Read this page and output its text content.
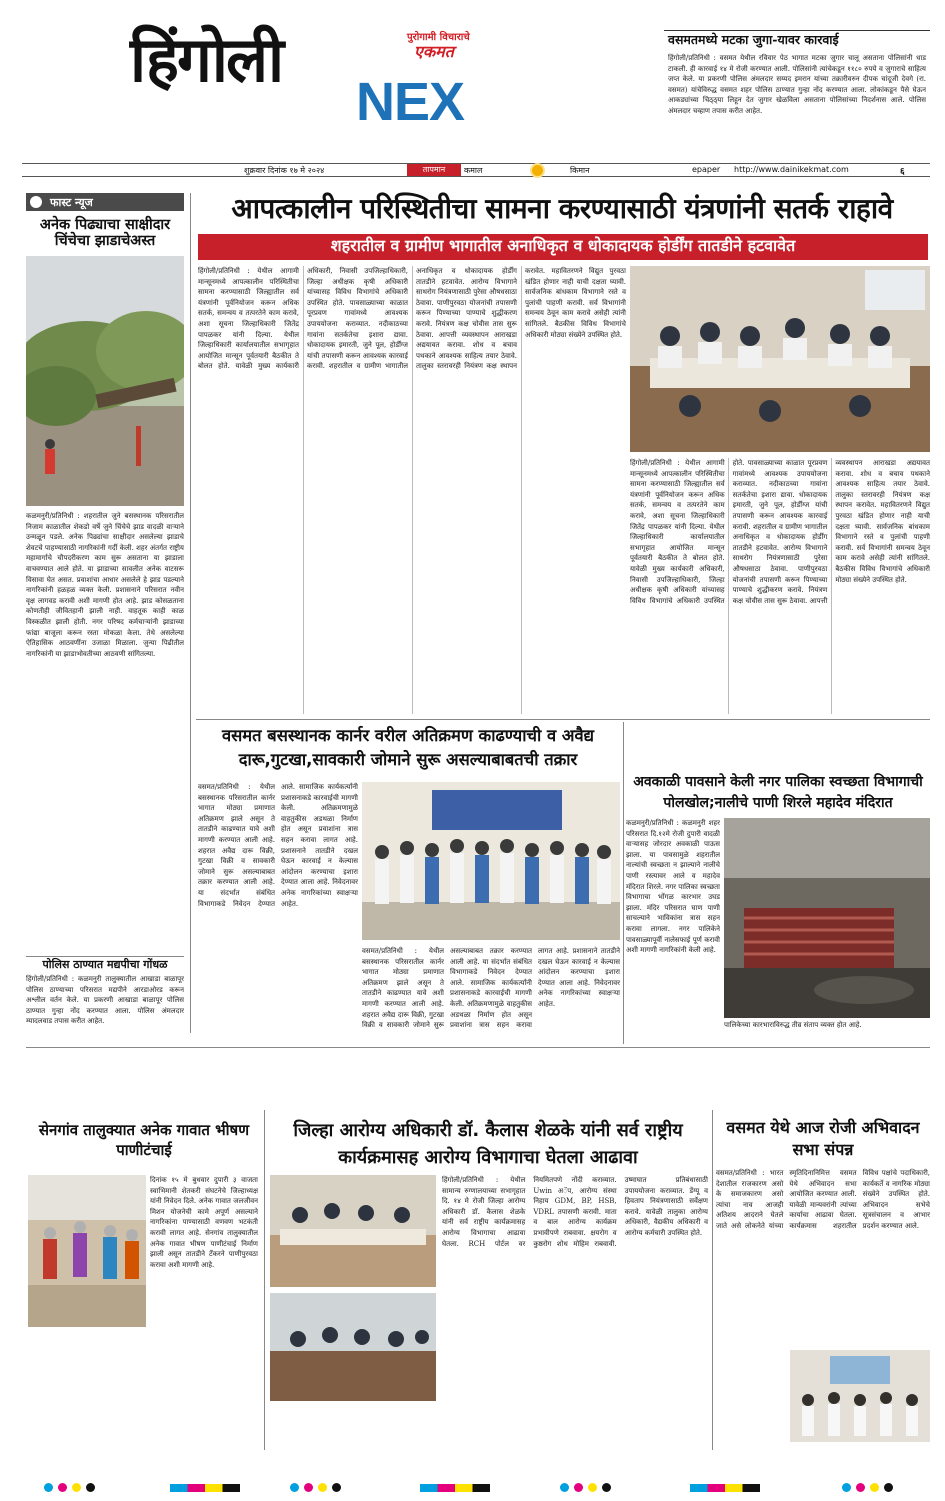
हिंगोली	पुरोगामी विचाराचे
एकमत
NEX
वसमतमध्ये मटका जुगा-यावर कारवाई
हिंगोली/प्रतिनिधी : वसमत येथील रविवार पेठ भागात मटका जुगार चालू असताना पोलिसांनी धाड टाकली. ही कारवाई १४ मे रोजी करण्यात आली. पोलिसांनी त्यांचेकडून ११८० रुपये व जुगाराचे साहित्य जप्त केले. या प्रकरणी पोलिस अंमलदार सय्यद इमरान यांच्या तक्रारीवरुन दीपक चांदूजी देवगे (रा. वसमत) यांचेविरुद्ध वसमत शहर पोलिस ठाण्यात गुन्हा नोंद करण्यात आला. लोकांकडून पैसे घेऊन आकड्यांच्या चिठ्ठ्या लिहून देत जुगार खेळविला असताना पोलिसांच्या निदर्शनास आले. पोलिस अंमलदार चव्हाण तपास करीत आहेत.
शुक्रवार दिनांक १७ मे २०२४	तापमान	कमाल	किमान	epaper http://www.dainikekmat.com	६
फास्ट न्यूज
अनेक पिढ्याचा साक्षीदार चिंचेचा झाडाचेअस्त
कळमनुरी/प्रतिनिधी : शहरातील जुने बसस्थानक परिसरातील निजाम काळातील शेकडो वर्षे जुने चिंचेचे झाड वादळी वाऱ्याने उन्मळून पडले. अनेक पिढ्यांचा साक्षीदार असलेल्या झाडाचे शेवटचे पाहण्यासाठी नागरिकांनी गर्दी केली. शहर अंतर्गत राष्ट्रीय महामार्गाचे चौपदरीकरण काम सुरू असताना या झाडाला वाचवण्यात आले होते. या झाडाच्या सावलीत अनेक वाटसरू विसावा घेत असत. प्रवाशांचा आधार असलेले हे झाड पडल्याने नागरिकांनी हळहळ व्यक्त केली. प्रशासनाने परिसरात नवीन वृक्ष लागवड करावी अशी मागणी होत आहे. झाड कोसळताना कोणतीही जीवितहानी झाली नाही. वाहतूक काही काळ विस्कळीत झाली होती. नगर परिषद कर्मचाऱ्यांनी झाडाच्या फांद्या बाजूला करून रस्ता मोकळा केला. तेथे असलेल्या ऐतिहासिक आठवणींना उजाळा मिळाला. जुन्या पिढीतील नागरिकांनी या झाडाभोवतीच्या आठवणी सांगितल्या.
पोलिस ठाण्यात मद्यपीचा गोंधळ
हिंगोली/प्रतिनिधी : कळमनुरी तालुक्यातील आखाडा बाळापूर पोलिस ठाण्याच्या परिसरात मद्यपीने आरडाओरड करून अश्लील वर्तन केले. या प्रकरणी आखाडा बाळापूर पोलिस ठाण्यात गुन्हा नोंद करण्यात आला. पोलिस अंमलदार म्यादलवाड तपास करीत आहेत.
आपत्कालीन परिस्थितीचा सामना करण्यासाठी यंत्रणांनी सतर्क राहावे
शहरातील व ग्रामीण भागातील अनाधिकृत व धोकादायक होर्डींग तातडीने हटवावेत
हिंगोली/प्रतिनिधी : येथील आगामी मान्सूनमध्ये आपत्कालीन परिस्थितीचा सामना करण्यासाठी जिल्ह्यातील सर्व यंत्रणांनी पूर्वनियोजन करून अधिक सतर्क, समन्वय व तत्परतेने काम करावे, अशा सूचना जिल्हाधिकारी जितेंद्र पापळकर यांनी दिल्या. येथील जिल्हाधिकारी कार्यालयातील सभागृहात आयोजित मान्सून पूर्वतयारी बैठकीत ते बोलत होते. यावेळी मुख्य कार्यकारी अधिकारी, निवासी उपजिल्हाधिकारी, जिल्हा अधीक्षक कृषी अधिकारी यांच्यासह विविध विभागांचे अधिकारी उपस्थित होते. पावसाळ्याच्या काळात पूरप्रवण गावांमध्ये आवश्यक उपाययोजना कराव्यात. नदीकाठच्या गावांना सतर्कतेचा इशारा द्यावा. धोकादायक इमारती, जुने पूल, होर्डींग्ज यांची तपासणी करून आवश्यक कारवाई करावी. शहरातील व ग्रामीण भागातील अनाधिकृत व धोकादायक होर्डींग तातडीने हटवावेत. आरोग्य विभागाने साथरोग नियंत्रणासाठी पुरेसा औषधसाठा ठेवावा. पाणीपुरवठा योजनांची तपासणी करून पिण्याच्या पाण्याचे शुद्धीकरण करावे. नियंत्रण कक्ष चोवीस तास सुरू ठेवावा. आपत्ती व्यवस्थापन आराखडा अद्ययावत करावा. शोध व बचाव पथकाने आवश्यक साहित्य तयार ठेवावे. तालुका स्तरावरही नियंत्रण कक्ष स्थापन करावेत. महावितरणने विद्युत पुरवठा खंडित होणार नाही याची दक्षता घ्यावी. सार्वजनिक बांधकाम विभागाने रस्ते व पुलांची पाहणी करावी. सर्व विभागांनी समन्वय ठेवून काम करावे असेही त्यांनी सांगितले. बैठकीस विविध विभागांचे अधिकारी मोठ्या संख्येने उपस्थित होते.
हिंगोली/प्रतिनिधी : येथील आगामी मान्सूनमध्ये आपत्कालीन परिस्थितीचा सामना करण्यासाठी जिल्ह्यातील सर्व यंत्रणांनी पूर्वनियोजन करून अधिक सतर्क, समन्वय व तत्परतेने काम करावे, अशा सूचना जिल्हाधिकारी जितेंद्र पापळकर यांनी दिल्या. येथील जिल्हाधिकारी कार्यालयातील सभागृहात आयोजित मान्सून पूर्वतयारी बैठकीत ते बोलत होते. यावेळी मुख्य कार्यकारी अधिकारी, निवासी उपजिल्हाधिकारी, जिल्हा अधीक्षक कृषी अधिकारी यांच्यासह विविध विभागांचे अधिकारी उपस्थित होते. पावसाळ्याच्या काळात पूरप्रवण गावांमध्ये आवश्यक उपाययोजना कराव्यात. नदीकाठच्या गावांना सतर्कतेचा इशारा द्यावा. धोकादायक इमारती, जुने पूल, होर्डींग्ज यांची तपासणी करून आवश्यक कारवाई करावी. शहरातील व ग्रामीण भागातील अनाधिकृत व धोकादायक होर्डींग तातडीने हटवावेत. आरोग्य विभागाने साथरोग नियंत्रणासाठी पुरेसा औषधसाठा ठेवावा. पाणीपुरवठा योजनांची तपासणी करून पिण्याच्या पाण्याचे शुद्धीकरण करावे. नियंत्रण कक्ष चोवीस तास सुरू ठेवावा. आपत्ती व्यवस्थापन आराखडा अद्ययावत करावा. शोध व बचाव पथकाने आवश्यक साहित्य तयार ठेवावे. तालुका स्तरावरही नियंत्रण कक्ष स्थापन करावेत. महावितरणने विद्युत पुरवठा खंडित होणार नाही याची दक्षता घ्यावी. सार्वजनिक बांधकाम विभागाने रस्ते व पुलांची पाहणी करावी. सर्व विभागांनी समन्वय ठेवून काम करावे असेही त्यांनी सांगितले. बैठकीस विविध विभागांचे अधिकारी मोठ्या संख्येने उपस्थित होते.
वसमत बसस्थानक कार्नर वरील अतिक्रमण काढण्याची व अवैद्य दारू,गुटखा,सावकारी जोमाने सुरू असल्याबाबतची तक्रार
वसमत/प्रतिनिधी : येथील बसस्थानक परिसरातील कार्नर भागात मोठ्या प्रमाणात अतिक्रमण झाले असून ते तातडीने काढण्यात यावे अशी मागणी करण्यात आली आहे. शहरात अवैद्य दारू विक्री, गुटखा विक्री व सावकारी जोमाने सुरू असल्याबाबत तक्रार करण्यात आली आहे. या संदर्भात संबंधित विभागाकडे निवेदन देण्यात आले. सामाजिक कार्यकर्त्यांनी प्रशासनाकडे कारवाईची मागणी केली. अतिक्रमणामुळे वाहतुकीस अडथळा निर्माण होत असून प्रवाशांना त्रास सहन करावा लागत आहे. प्रशासनाने तातडीने दखल घेऊन कारवाई न केल्यास आंदोलन करण्याचा इशारा देण्यात आला आहे. निवेदनावर अनेक नागरिकांच्या स्वाक्षऱ्या आहेत.
वसमत/प्रतिनिधी : येथील बसस्थानक परिसरातील कार्नर भागात मोठ्या प्रमाणात अतिक्रमण झाले असून ते तातडीने काढण्यात यावे अशी मागणी करण्यात आली आहे. शहरात अवैद्य दारू विक्री, गुटखा विक्री व सावकारी जोमाने सुरू असल्याबाबत तक्रार करण्यात आली आहे. या संदर्भात संबंधित विभागाकडे निवेदन देण्यात आले. सामाजिक कार्यकर्त्यांनी प्रशासनाकडे कारवाईची मागणी केली. अतिक्रमणामुळे वाहतुकीस अडथळा निर्माण होत असून प्रवाशांना त्रास सहन करावा लागत आहे. प्रशासनाने तातडीने दखल घेऊन कारवाई न केल्यास आंदोलन करण्याचा इशारा देण्यात आला आहे. निवेदनावर अनेक नागरिकांच्या स्वाक्षऱ्या आहेत.
अवकाळी पावसाने केली नगर पालिका स्वच्छता विभागाची पोलखोल;नालीचे पाणी शिरले महादेव मंदिरात
कळमनुरी/प्रतिनिधी : कळमनुरी शहर परिसरात दि.१२मे रोजी दुपारी वादळी वाऱ्यासह जोरदार अवकाळी पाऊस झाला. या पावसामुळे शहरातील नाल्यांची स्वच्छता न झाल्याने नालीचे पाणी रस्त्यावर आले व महादेव मंदिरात शिरले. नगर पालिका स्वच्छता विभागाचा भोंगळ कारभार उघड झाला. मंदिर परिसरात घाण पाणी साचल्याने भाविकांना त्रास सहन करावा लागला. नगर पालिकेने पावसाळ्यापूर्वी नालेसफाई पूर्ण करावी अशी मागणी नागरिकांनी केली आहे.
पालिकेच्या कारभाराविरुद्ध तीव्र संताप व्यक्त होत आहे.
सेनगांव तालुक्यात अनेक गावात भीषण पाणीटंचाई
दिनांक १५ मे बुधवार दुपारी ३ वाजता स्वाभिमानी शेतकरी संघटनेचे जिल्हाध्यक्ष यांनी निवेदन दिले. अनेक गावात जलजीवन मिशन योजनेची कामे अपूर्ण असल्याने नागरिकांना पाण्यासाठी वणवण भटकंती करावी लागत आहे. सेनगांव तालुक्यातील अनेक गावात भीषण पाणीटंचाई निर्माण झाली असून तातडीने टँकरने पाणीपुरवठा करावा अशी मागणी आहे.
जिल्हा आरोग्य अधिकारी डॉ. कैलास शेळके यांनी सर्व राष्ट्रीय कार्यक्रमासह आरोग्य विभागाचा घेतला आढावा
हिंगोली/प्रतिनिधी : येथील सामान्य रुग्णालयाच्या सभागृहात दि. १४ मे रोजी जिल्हा आरोग्य अधिकारी डॉ. कैलास शेळके यांनी सर्व राष्ट्रीय कार्यक्रमासह आरोग्य विभागाचा आढावा घेतला. RCH पोर्टल वर नियमितपणे नोंदी कराव्यात. Uwin अॅप, आरोग्य संस्था निहाय GDM, BP, HSB, VDRL तपासणी करावी. माता व बाल आरोग्य कार्यक्रम प्रभावीपणे राबवावा. क्षयरोग व कुष्ठरोग शोध मोहिम राबवावी. उष्माघात प्रतिबंधासाठी उपाययोजना कराव्यात. डेंग्यू व हिवताप नियंत्रणासाठी सर्वेक्षण करावे. यावेळी तालुका आरोग्य अधिकारी, वैद्यकीय अधिकारी व आरोग्य कर्मचारी उपस्थित होते.
वसमत येथे आज रोजी अभिवादन सभा संपन्न
वसमत/प्रतिनिधी : भारत देशातील राजकारण असो के समाजकारण असो त्यांचा नाव आजही अतिशय आदराने घेतले जाते असे लोकनेते यांच्या स्मृतिदिनानिमित्त वसमत येथे अभिवादन सभा आयोजित करण्यात आली. यावेळी मान्यवरांनी त्यांच्या कार्याचा आढावा घेतला. कार्यक्रमास शहरातील विविध पक्षांचे पदाधिकारी, कार्यकर्ते व नागरिक मोठ्या संख्येने उपस्थित होते. अभिवादन सभेचे सूत्रसंचालन व आभार प्रदर्शन करण्यात आले.
